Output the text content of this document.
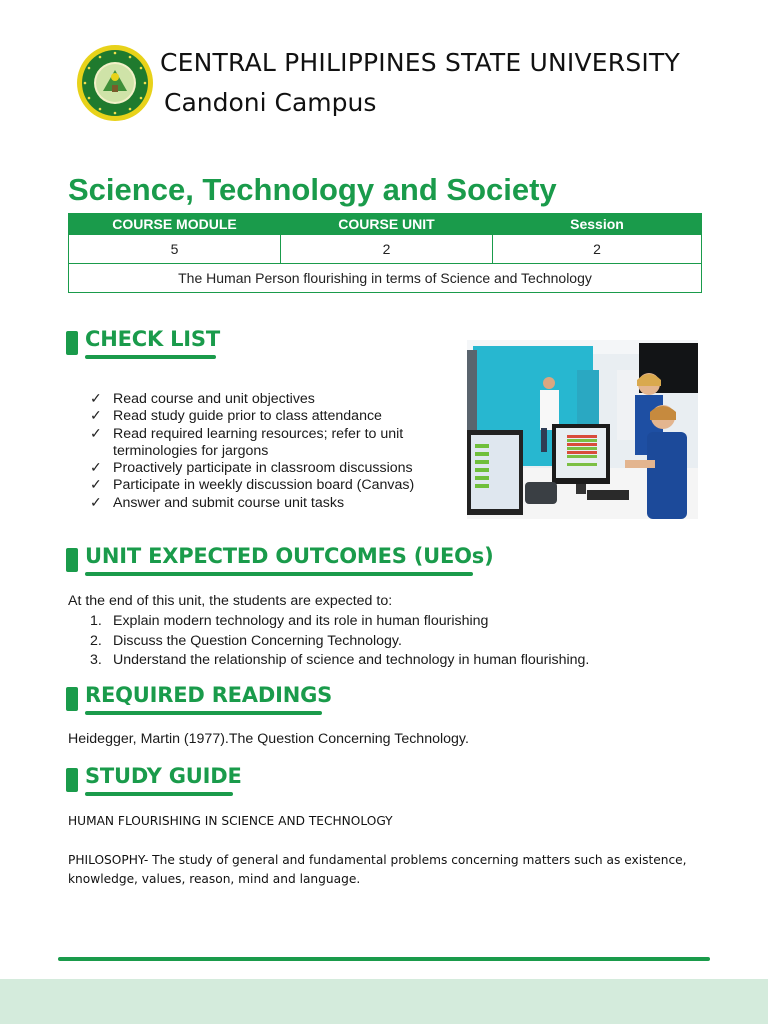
CENTRAL PHILIPPINES STATE UNIVERSITY
Candoni Campus
Science, Technology and Society
COURSE MODULE	COURSE UNIT	Session
5	2	2
The Human Person flourishing in terms of Science and Technology		
CHECK LIST
✓ Read course and unit objectives
✓ Read study guide prior to class attendance
✓ Read required learning resources; refer to unit terminologies for jargons
✓ Proactively participate in classroom discussions
✓ Participate in weekly discussion board (Canvas)
✓ Answer and submit course unit tasks
UNIT EXPECTED OUTCOMES (UEOs)
At the end of this unit, the students are expected to:
1. Explain modern technology and its role in human flourishing
2. Discuss the Question Concerning Technology.
3. Understand the relationship of science and technology in human flourishing.
REQUIRED READINGS
Heidegger, Martin (1977).The Question Concerning Technology.
STUDY GUIDE
HUMAN FLOURISHING IN SCIENCE AND TECHNOLOGY
PHILOSOPHY- The study of general and fundamental problems concerning matters such as existence, knowledge, values, reason, mind and language.
